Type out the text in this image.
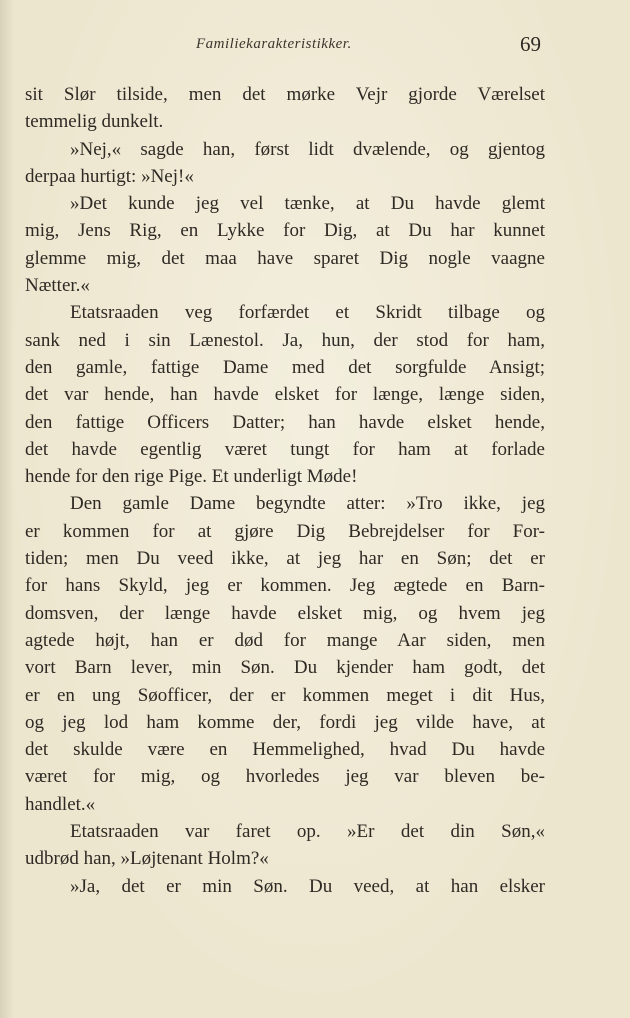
Familiekarakteristikker.	69
sit Slør tilside, men det mørke Vejr gjorde Værelset
temmelig dunkelt.
»Nej,« sagde han, først lidt dvælende, og gjentog
derpaa hurtigt: »Nej!«
»Det kunde jeg vel tænke, at Du havde glemt
mig, Jens Rig, en Lykke for Dig, at Du har kunnet
glemme mig, det maa have sparet Dig nogle vaagne
Nætter.«
Etatsraaden veg forfærdet et Skridt tilbage og
sank ned i sin Lænestol. Ja, hun, der stod for ham,
den gamle, fattige Dame med det sorgfulde Ansigt;
det var hende, han havde elsket for længe, længe siden,
den fattige Officers Datter; han havde elsket hende,
det havde egentlig været tungt for ham at forlade
hende for den rige Pige. Et underligt Møde!
Den gamle Dame begyndte atter: »Tro ikke, jeg
er kommen for at gjøre Dig Bebrejdelser for For-
tiden; men Du veed ikke, at jeg har en Søn; det er
for hans Skyld, jeg er kommen. Jeg ægtede en Barn-
domsven, der længe havde elsket mig, og hvem jeg
agtede højt, han er død for mange Aar siden, men
vort Barn lever, min Søn. Du kjender ham godt, det
er en ung Søofficer, der er kommen meget i dit Hus,
og jeg lod ham komme der, fordi jeg vilde have, at
det skulde være en Hemmelighed, hvad Du havde
været for mig, og hvorledes jeg var bleven be-
handlet.«
Etatsraaden var faret op. »Er det din Søn,«
udbrød han, »Løjtenant Holm?«
»Ja, det er min Søn. Du veed, at han elsker
